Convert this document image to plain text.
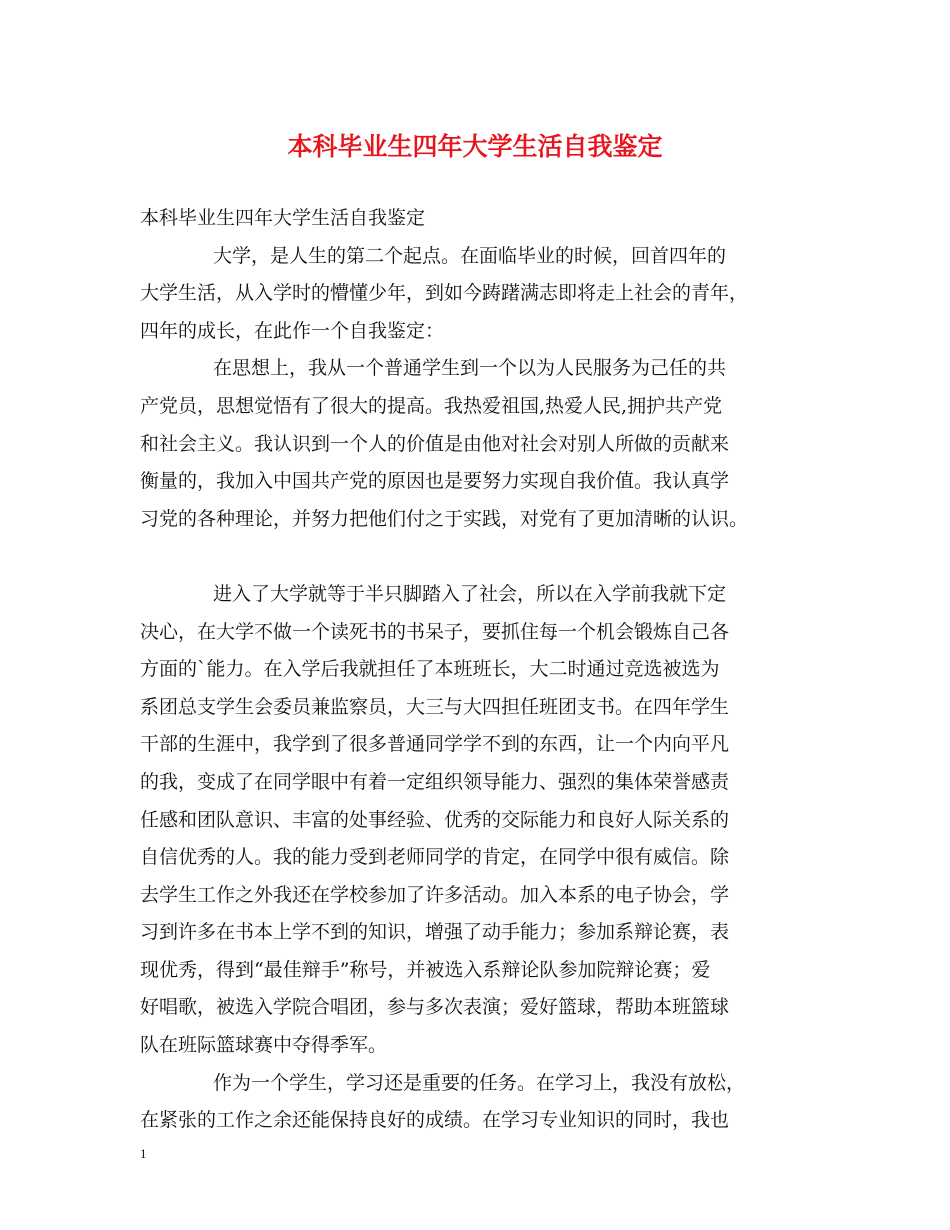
本科毕业生四年大学生活自我鉴定
本科毕业生四年大学生活自我鉴定
大学，是人生的第二个起点。在面临毕业的时候，回首四年的
大学生活，从入学时的懵懂少年，到如今踌躇满志即将走上社会的青年，
四年的成长，在此作一个自我鉴定：
在思想上，我从一个普通学生到一个以为人民服务为己任的共
产党员，思想觉悟有了很大的提高。我热爱祖国,热爱人民,拥护共产党
和社会主义。我认识到一个人的价值是由他对社会对别人所做的贡献来
衡量的，我加入中国共产党的原因也是要努力实现自我价值。我认真学
习党的各种理论，并努力把他们付之于实践，对党有了更加清晰的认识。
进入了大学就等于半只脚踏入了社会，所以在入学前我就下定
决心，在大学不做一个读死书的书呆子，要抓住每一个机会锻炼自己各
方面的`能力。在入学后我就担任了本班班长，大二时通过竞选被选为
系团总支学生会委员兼监察员，大三与大四担任班团支书。在四年学生
干部的生涯中，我学到了很多普通同学学不到的东西，让一个内向平凡
的我，变成了在同学眼中有着一定组织领导能力、强烈的集体荣誉感责
任感和团队意识、丰富的处事经验、优秀的交际能力和良好人际关系的
自信优秀的人。我的能力受到老师同学的肯定，在同学中很有威信。除
去学生工作之外我还在学校参加了许多活动。加入本系的电子协会，学
习到许多在书本上学不到的知识，增强了动手能力；参加系辩论赛，表
现优秀，得到“最佳辩手”称号，并被选入系辩论队参加院辩论赛；爱
好唱歌，被选入学院合唱团，参与多次表演；爱好篮球，帮助本班篮球
队在班际篮球赛中夺得季军。
作为一个学生，学习还是重要的任务。在学习上，我没有放松，
在紧张的工作之余还能保持良好的成绩。在学习专业知识的同时，我也
1
